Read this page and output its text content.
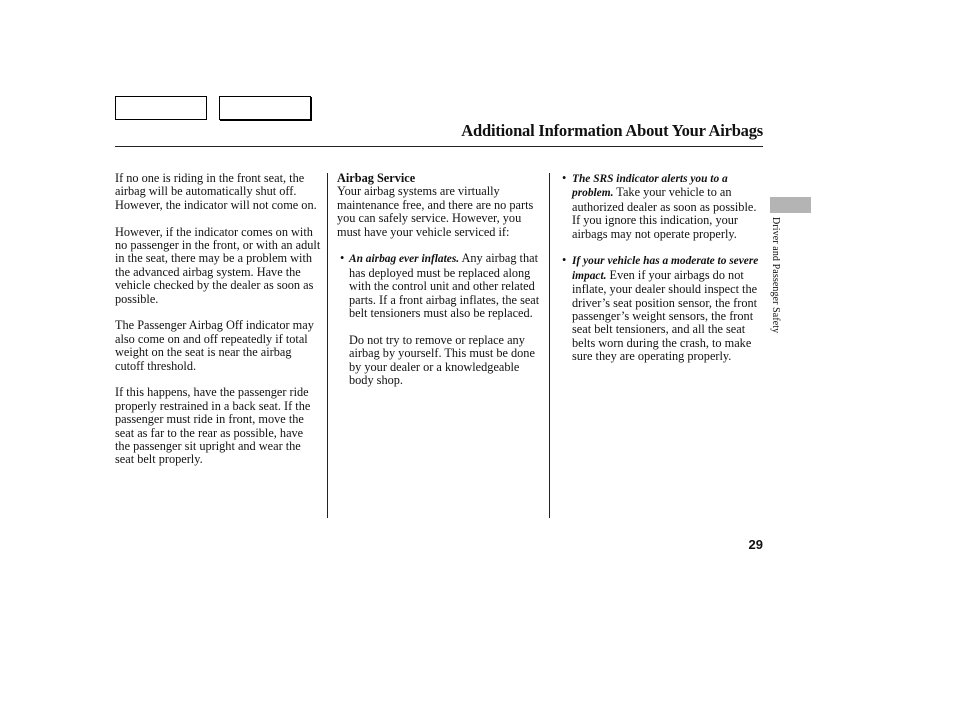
Additional Information About Your Airbags

If no one is riding in the front seat, the airbag will be automatically shut off. However, the indicator will not come on.

However, if the indicator comes on with no passenger in the front, or with an adult in the seat, there may be a problem with the advanced airbag system. Have the vehicle checked by the dealer as soon as possible.

The Passenger Airbag Off indicator may also come on and off repeatedly if total weight on the seat is near the airbag cutoff threshold.

If this happens, have the passenger ride properly restrained in a back seat. If the passenger must ride in front, move the seat as far to the rear as possible, have the passenger sit upright and wear the seat belt properly.

Airbag Service

Your airbag systems are virtually maintenance free, and there are no parts you can safely service. However, you must have your vehicle serviced if:

• An airbag ever inflates. Any airbag that has deployed must be replaced along with the control unit and other related parts. If a front airbag inflates, the seat belt tensioners must also be replaced.

Do not try to remove or replace any airbag by yourself. This must be done by your dealer or a knowledgeable body shop.

• The SRS indicator alerts you to a problem. Take your vehicle to an authorized dealer as soon as possible. If you ignore this indication, your airbags may not operate properly.
• If your vehicle has a moderate to severe impact. Even if your airbags do not inflate, your dealer should inspect the driver’s seat position sensor, the front passenger’s weight sensors, the front seat belt tensioners, and all the seat belts worn during the crash, to make sure they are operating properly.
Driver and Passenger Safety
29
